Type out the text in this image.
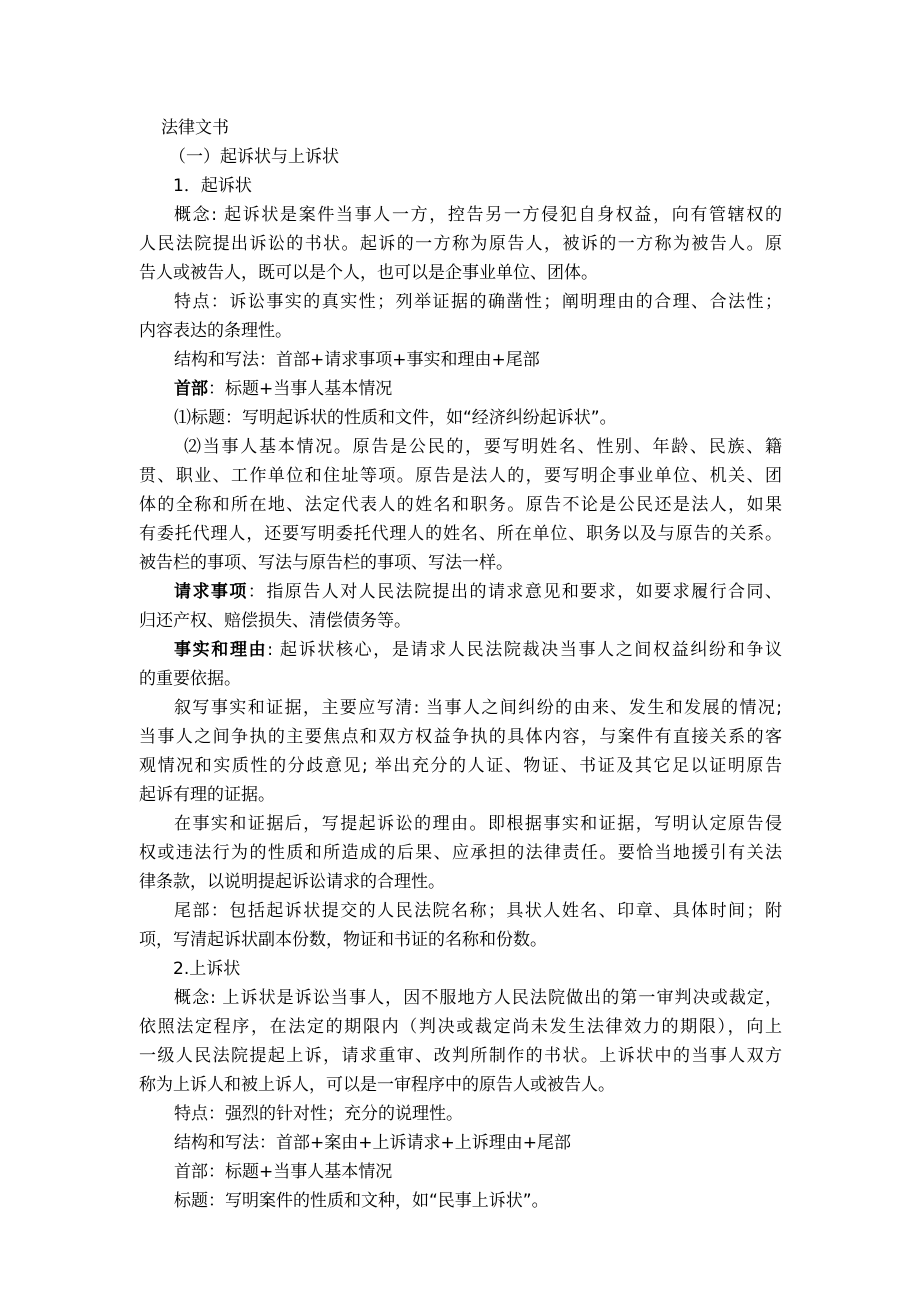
法律文书
（一）起诉状与上诉状
1．起诉状
概念: 起诉状是案件当事人一方，控告另一方侵犯自身权益，向有管辖权的
人民法院提出诉讼的书状。起诉的一方称为原告人，被诉的一方称为被告人。原
告人或被告人，既可以是个人，也可以是企事业单位、团体。
特点：诉讼事实的真实性；列举证据的确凿性；阐明理由的合理、合法性；
内容表达的条理性。
结构和写法：首部+请求事项+事实和理由+尾部
首部：标题+当事人基本情况
⑴标题：写明起诉状的性质和文件，如“经济纠纷起诉状”。
⑵当事人基本情况。原告是公民的，要写明姓名、性别、年龄、民族、籍
贯、职业、工作单位和住址等项。原告是法人的，要写明企事业单位、机关、团
体的全称和所在地、法定代表人的姓名和职务。原告不论是公民还是法人，如果
有委托代理人，还要写明委托代理人的姓名、所在单位、职务以及与原告的关系。
被告栏的事项、写法与原告栏的事项、写法一样。
请求事项：指原告人对人民法院提出的请求意见和要求，如要求履行合同、
归还产权、赔偿损失、清偿债务等。
事实和理由: 起诉状核心，是请求人民法院裁决当事人之间权益纠纷和争议
的重要依据。
叙写事实和证据，主要应写清: 当事人之间纠纷的由来、发生和发展的情况;
当事人之间争执的主要焦点和双方权益争执的具体内容，与案件有直接关系的客
观情况和实质性的分歧意见; 举出充分的人证、物证、书证及其它足以证明原告
起诉有理的证据。
在事实和证据后，写提起诉讼的理由。即根据事实和证据，写明认定原告侵
权或违法行为的性质和所造成的后果、应承担的法律责任。要恰当地援引有关法
律条款，以说明提起诉讼请求的合理性。
尾部：包括起诉状提交的人民法院名称；具状人姓名、印章、具体时间；附
项，写清起诉状副本份数，物证和书证的名称和份数。
2.上诉状
概念: 上诉状是诉讼当事人，因不服地方人民法院做出的第一审判决或裁定，
依照法定程序，在法定的期限内（判决或裁定尚未发生法律效力的期限），向上
一级人民法院提起上诉，请求重审、改判所制作的书状。上诉状中的当事人双方
称为上诉人和被上诉人，可以是一审程序中的原告人或被告人。
特点：强烈的针对性；充分的说理性。
结构和写法：首部+案由+上诉请求+上诉理由+尾部
首部：标题+当事人基本情况
标题：写明案件的性质和文种，如“民事上诉状”。
